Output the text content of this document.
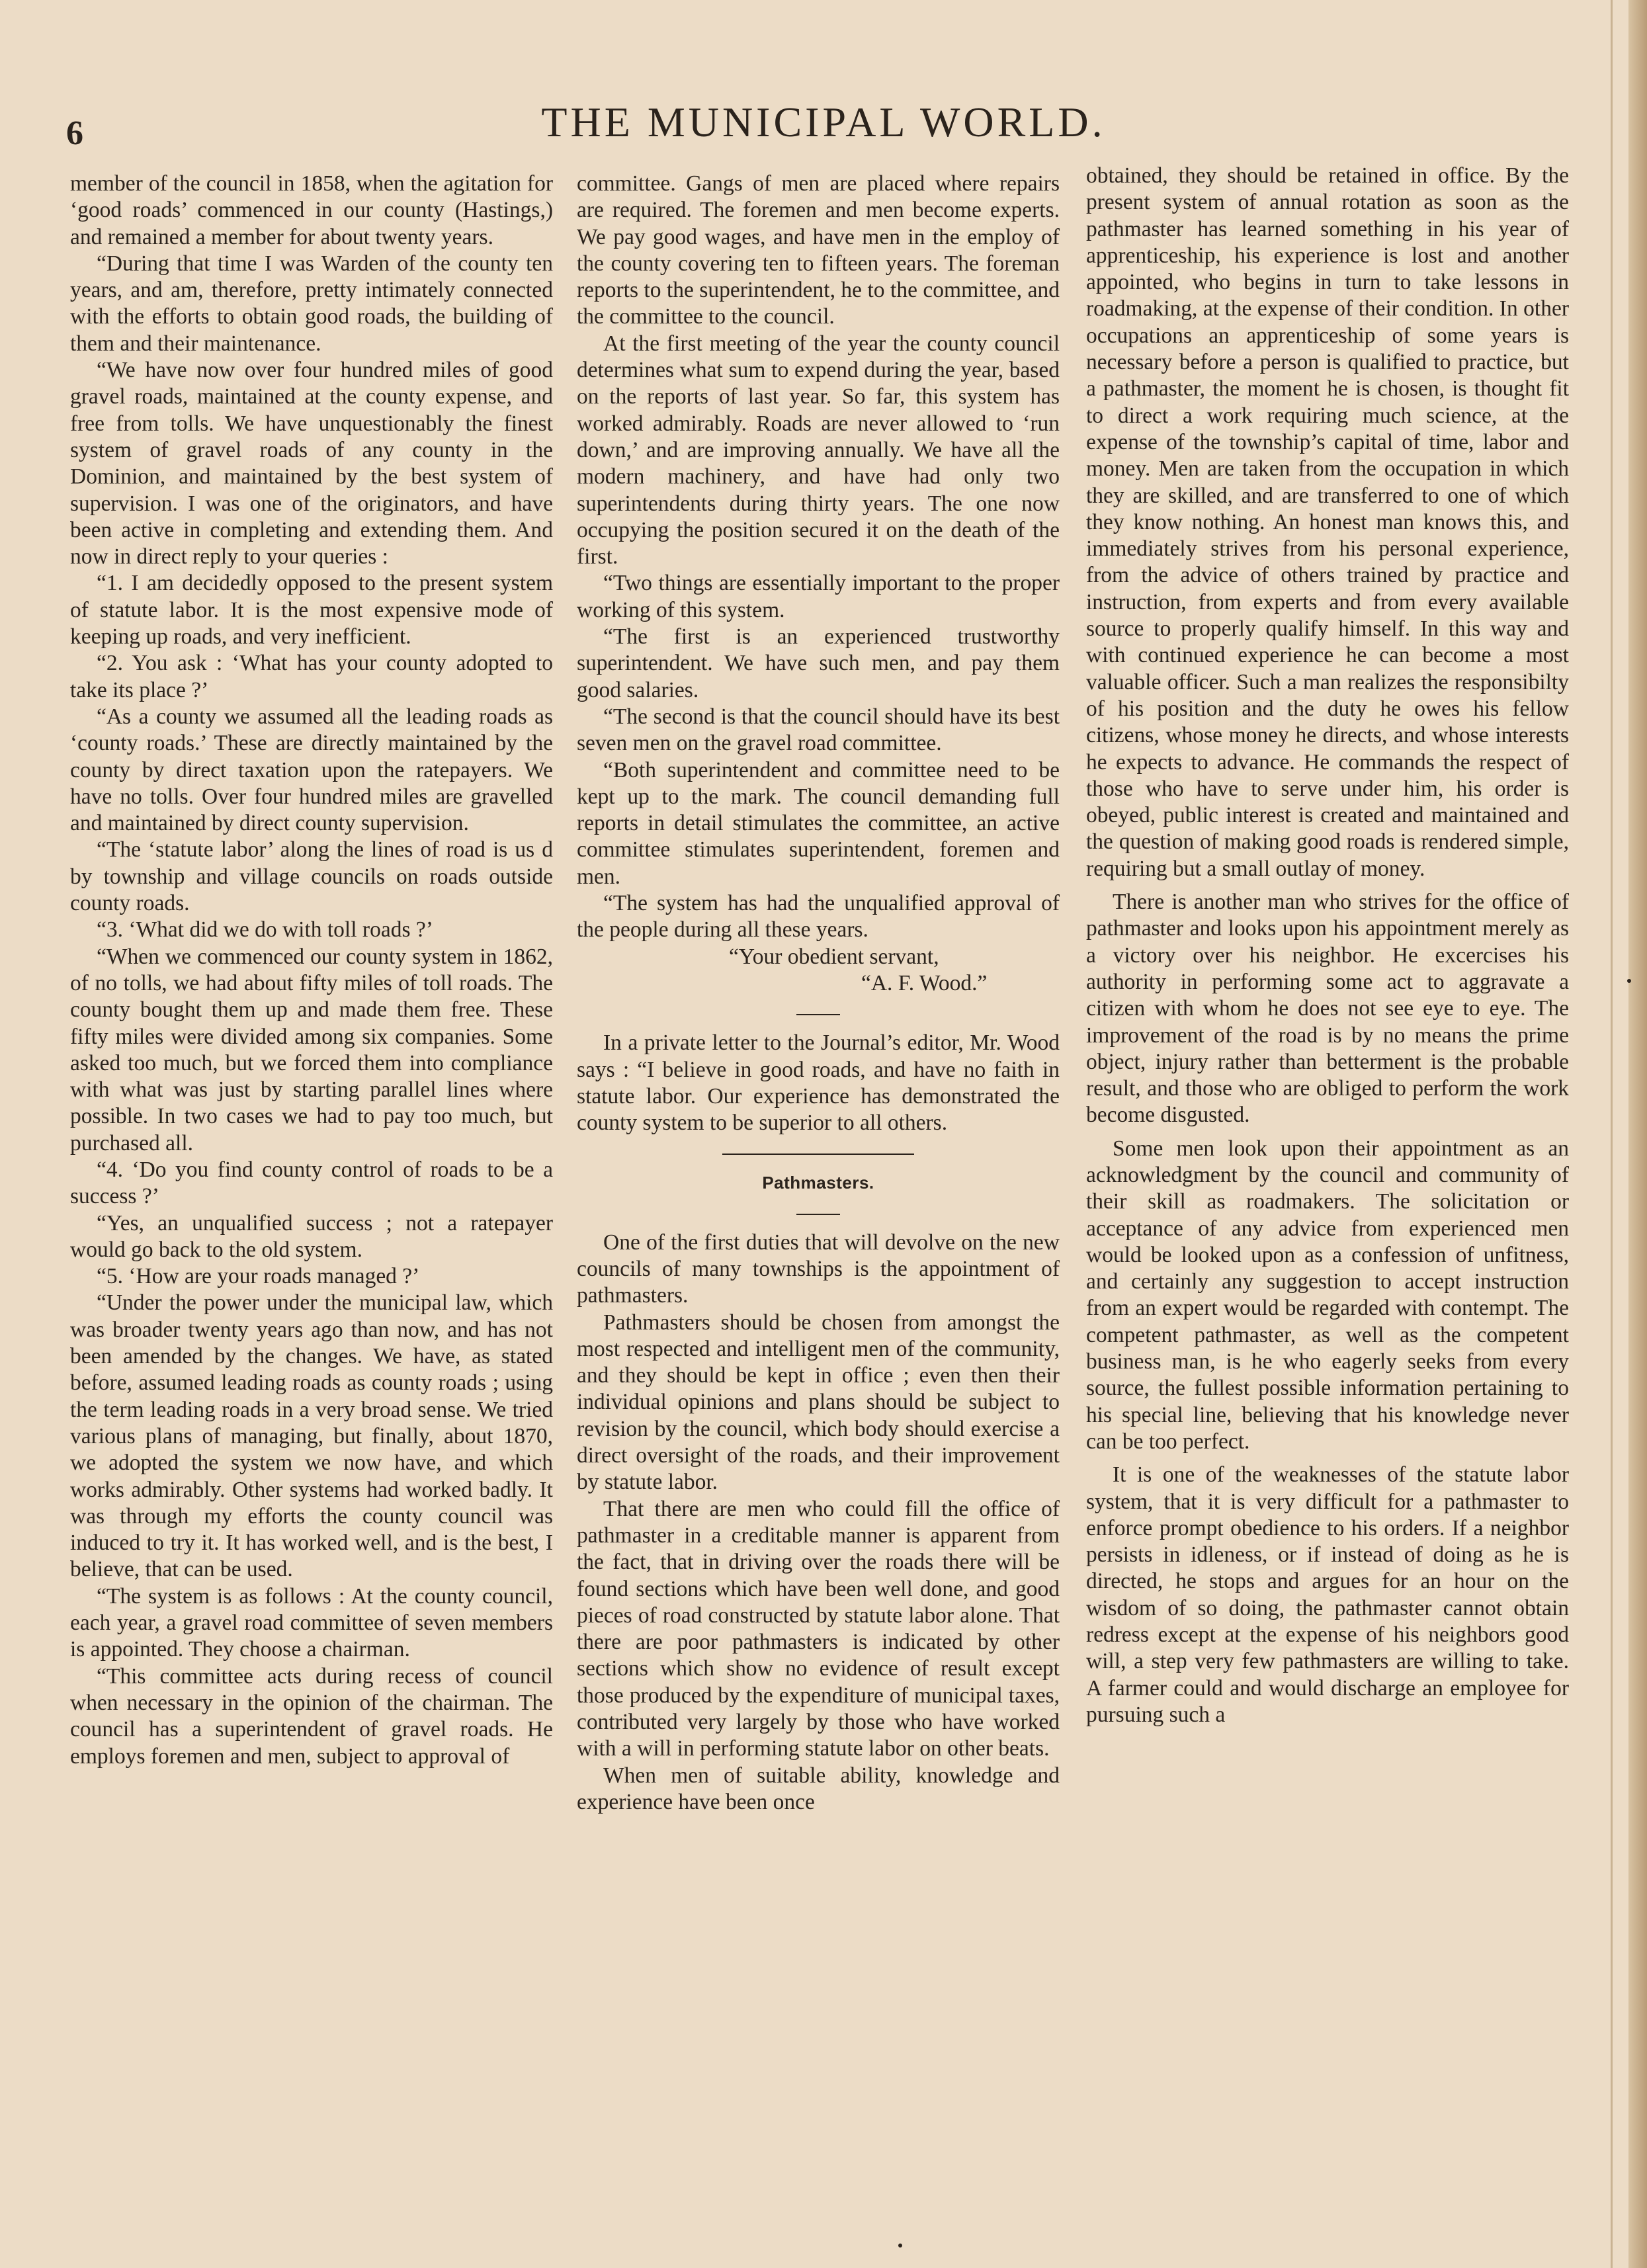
6	THE MUNICIPAL WORLD.

member of the council in 1858, when the agitation for ‘good roads’ commenced in our county (Hastings,) and remained a member for about twenty years.

“During that time I was Warden of the county ten years, and am, therefore, pretty intimately connected with the efforts to obtain good roads, the building of them and their maintenance.

“We have now over four hundred miles of good gravel roads, maintained at the county expense, and free from tolls. We have unquestionably the finest system of gravel roads of any county in the Dominion, and maintained by the best system of supervision. I was one of the originators, and have been active in completing and extending them. And now in direct reply to your queries :

“1. I am decidedly opposed to the present system of statute labor. It is the most expensive mode of keeping up roads, and very inefficient.

“2. You ask : ‘What has your county adopted to take its place ?’

“As a county we assumed all the leading roads as ‘county roads.’ These are directly maintained by the county by direct taxation upon the ratepayers. We have no tolls. Over four hundred miles are gravelled and maintained by direct county supervision.

“The ‘statute labor’ along the lines of road is us d by township and village councils on roads outside county roads.

“3. ‘What did we do with toll roads ?’

“When we commenced our county system in 1862, of no tolls, we had about fifty miles of toll roads. The county bought them up and made them free. These fifty miles were divided among six companies. Some asked too much, but we forced them into compliance with what was just by starting parallel lines where possible. In two cases we had to pay too much, but purchased all.

“4. ‘Do you find county control of roads to be a success ?’

“Yes, an unqualified success ; not a ratepayer would go back to the old system.

“5. ‘How are your roads managed ?’

“Under the power under the municipal law, which was broader twenty years ago than now, and has not been amended by the changes. We have, as stated before, assumed leading roads as county roads ; using the term leading roads in a very broad sense. We tried various plans of managing, but finally, about 1870, we adopted the system we now have, and which works admirably. Other systems had worked badly. It was through my efforts the county council was induced to try it. It has worked well, and is the best, I believe, that can be used.

“The system is as follows : At the county council, each year, a gravel road committee of seven members is appointed. They choose a chairman.

“This committee acts during recess of council when necessary in the opinion of the chairman. The council has a superintendent of gravel roads. He employs foremen and men, subject to approval of

committee. Gangs of men are placed where repairs are required. The foremen and men become experts. We pay good wages, and have men in the employ of the county covering ten to fifteen years. The foreman reports to the superintendent, he to the committee, and the committee to the council.

At the first meeting of the year the county council determines what sum to expend during the year, based on the reports of last year. So far, this system has worked admirably. Roads are never allowed to ‘run down,’ and are improving annually. We have all the modern machinery, and have had only two superintendents during thirty years. The one now occupying the position secured it on the death of the first.

“Two things are essentially important to the proper working of this system.

“The first is an experienced trustworthy superintendent. We have such men, and pay them good salaries.

“The second is that the council should have its best seven men on the gravel road committee.

“Both superintendent and committee need to be kept up to the mark. The council demanding full reports in detail stimulates the committee, an active committee stimulates superintendent, foremen and men.

“The system has had the unqualified approval of the people during all these years.

“Your obedient servant,

“A. F. Wood.”

In a private letter to the Journal’s editor, Mr. Wood says : “I believe in good roads, and have no faith in statute labor. Our experience has demonstrated the county system to be superior to all others.

Pathmasters.

One of the first duties that will devolve on the new councils of many townships is the appointment of pathmasters.

Pathmasters should be chosen from amongst the most respected and intelligent men of the community, and they should be kept in office ; even then their individual opinions and plans should be subject to revision by the council, which body should exercise a direct oversight of the roads, and their improvement by statute labor.

That there are men who could fill the office of pathmaster in a creditable manner is apparent from the fact, that in driving over the roads there will be found sections which have been well done, and good pieces of road constructed by statute labor alone. That there are poor pathmasters is indicated by other sections which show no evidence of result except those produced by the expenditure of municipal taxes, contributed very largely by those who have worked with a will in performing statute labor on other beats.

When men of suitable ability, knowledge and experience have been once

obtained, they should be retained in office. By the present system of annual rotation as soon as the pathmaster has learned something in his year of apprenticeship, his experience is lost and another appointed, who begins in turn to take lessons in roadmaking, at the expense of their condition. In other occupations an apprenticeship of some years is necessary before a person is qualified to practice, but a pathmaster, the moment he is chosen, is thought fit to direct a work requiring much science, at the expense of the township’s capital of time, labor and money. Men are taken from the occupation in which they are skilled, and are transferred to one of which they know nothing. An honest man knows this, and immediately strives from his personal experience, from the advice of others trained by practice and instruction, from experts and from every available source to properly qualify himself. In this way and with continued experience he can become a most valuable officer. Such a man realizes the responsibilty of his position and the duty he owes his fellow citizens, whose money he directs, and whose interests he expects to advance. He commands the respect of those who have to serve under him, his order is obeyed, public interest is created and maintained and the question of making good roads is rendered simple, requiring but a small outlay of money.

There is another man who strives for the office of pathmaster and looks upon his appointment merely as a victory over his neighbor. He excercises his authority in performing some act to aggravate a citizen with whom he does not see eye to eye. The improvement of the road is by no means the prime object, injury rather than betterment is the probable result, and those who are obliged to perform the work become disgusted.

Some men look upon their appointment as an acknowledgment by the council and community of their skill as roadmakers. The solicitation or acceptance of any advice from experienced men would be looked upon as a confession of unfitness, and certainly any suggestion to accept instruction from an expert would be regarded with contempt. The competent pathmaster, as well as the competent business man, is he who eagerly seeks from every source, the fullest possible information pertaining to his special line, believing that his knowledge never can be too perfect.

It is one of the weaknesses of the statute labor system, that it is very difficult for a pathmaster to enforce prompt obedience to his orders. If a neighbor persists in idleness, or if instead of doing as he is directed, he stops and argues for an hour on the wisdom of so doing, the pathmaster cannot obtain redress except at the expense of his neighbors good will, a step very few pathmasters are willing to take. A farmer could and would discharge an employee for pursuing such a
